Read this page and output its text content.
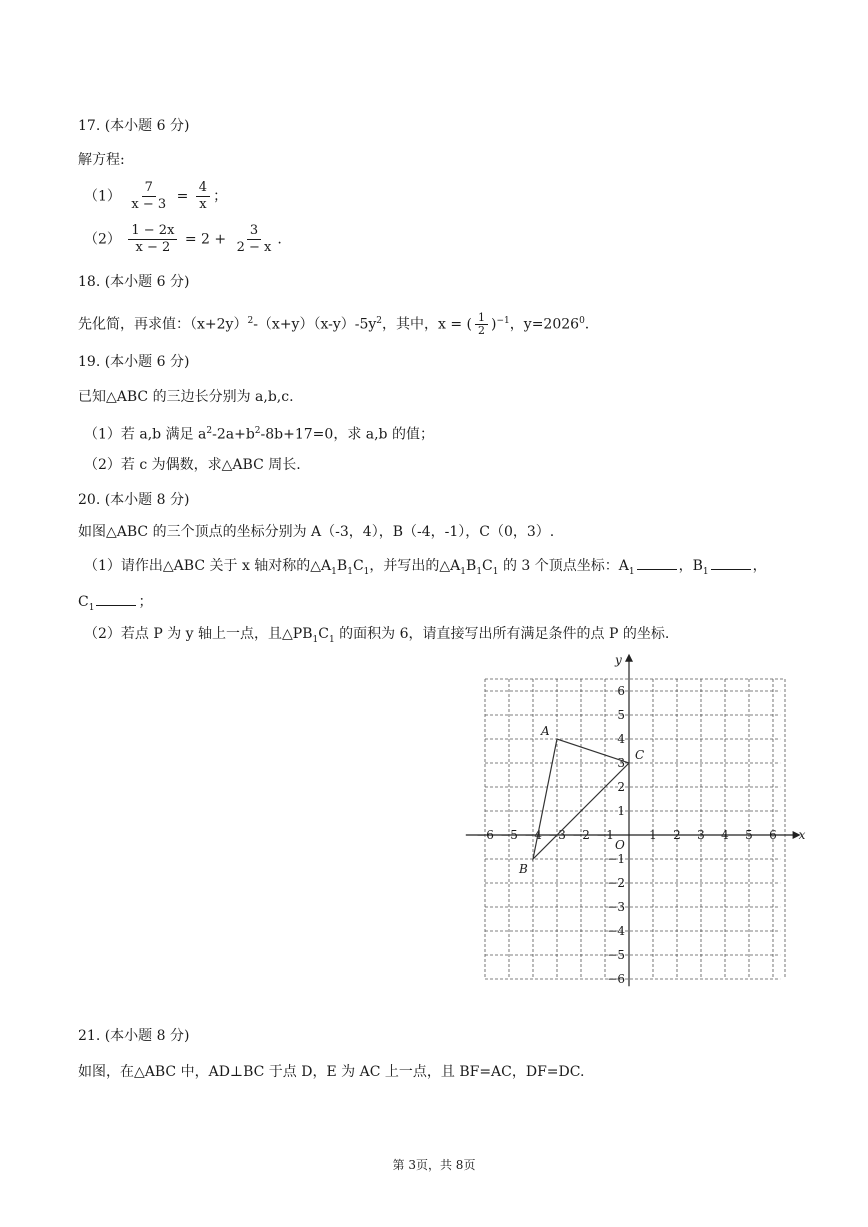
17. (本小题 6 分)
解方程:
$(1) \frac{7}{x - 3} = \frac{4}{x}$ ；
$(2) \frac{1 - 2x}{x - 2} = 2 + \frac{3}{2 - x}$ .
18. (本小题 6 分)
先化简，再求值：$(x+2y)^2-(x+y)(x-y)-5y^2$，其中，x = ( $\frac{1}{2} )^{-1}$，$y=2026^0$.
19. (本小题 6 分)
已知△ABC 的三边长分别为 a,b,c.
（1）若 a,b 满足 $a^2-2a+b^2-8b+17=0$，求 a,b 的值；
（2）若 c 为偶数，求△ABC 周长.
20. (本小题 8 分)
如图△ABC 的三个顶点的坐标分别为 A（-3，4），B（-4，-1），C（0，3）.
（1）请作出△ABC 关于 x 轴对称的$\triangle A_1B_1C_1$，并写出的$\triangle A_1B_1C_1$ 的 3 个顶点坐标：$A_1$	，$B_1$	，
$C_1$	；
（2）若点 P 为 y 轴上一点，且$\triangle PB_1C_1$ 的面积为 6，请直接写出所有满足条件的点 P 的坐标.
x
y
O
−6 −5 −4 −3 −2 −1	1 2 3 4 5 6
6
5
4
3
2
1
−1
−2
−3
−4
−5
−6
A
B
C
21. (本小题 8 分)
如图，在△ABC 中，AD⊥BC 于点 D，E 为 AC 上一点，且 BF=AC，DF=DC.
第 3页，共 8页
